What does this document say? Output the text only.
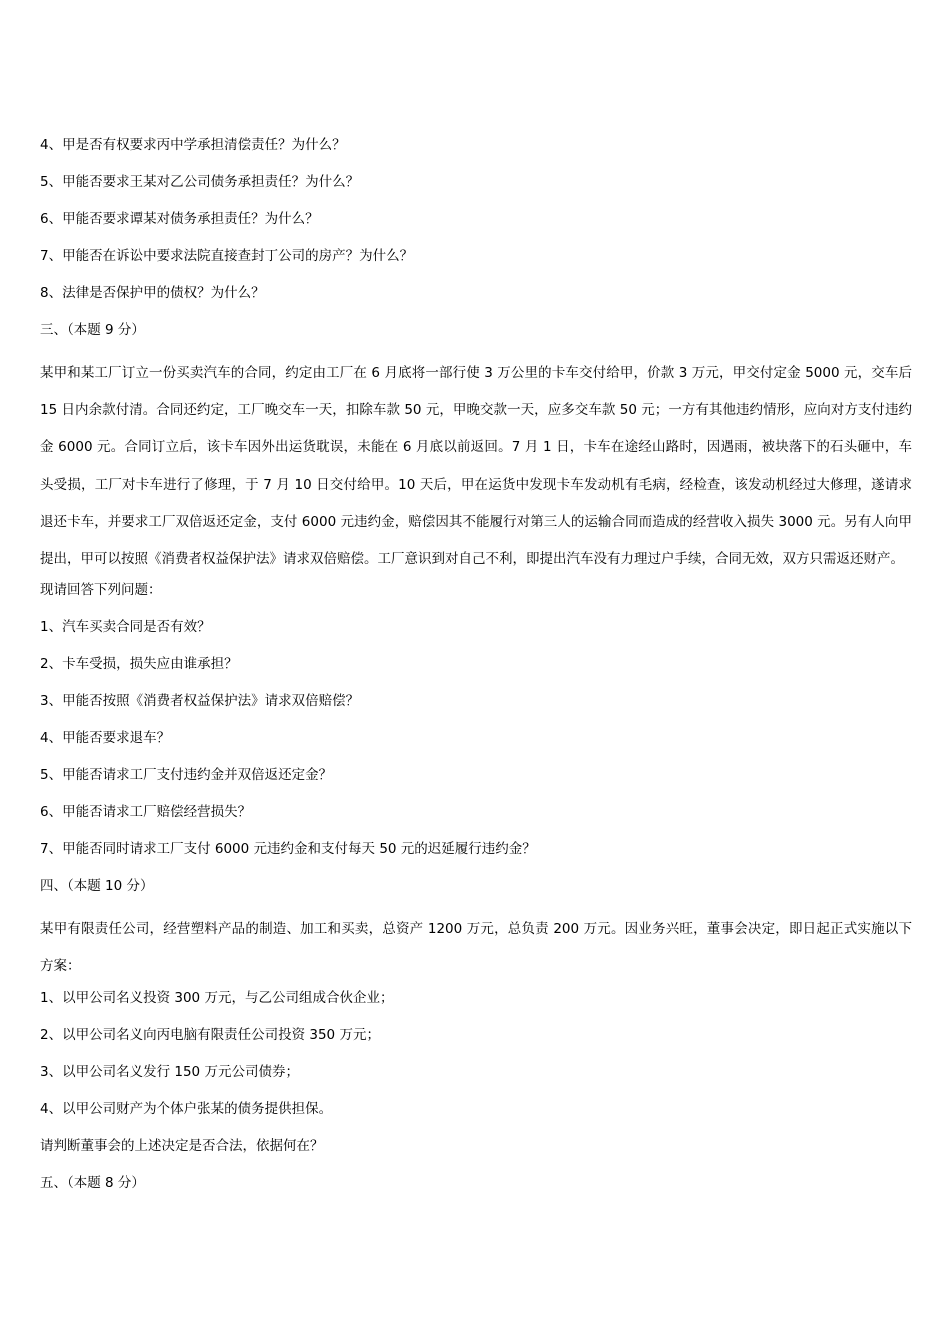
4、甲是否有权要求丙中学承担清偿责任？为什么？
5、甲能否要求王某对乙公司债务承担责任？为什么？
6、甲能否要求谭某对债务承担责任？为什么？
7、甲能否在诉讼中要求法院直接查封丁公司的房产？为什么？
8、法律是否保护甲的债权？为什么？
三、（本题 9 分）
某甲和某工厂订立一份买卖汽车的合同，约定由工厂在 6 月底将一部行使 3 万公里的卡车交付给甲，价款 3 万元，甲交付定金 5000 元，交车后 15 日内余款付清。合同还约定，工厂晚交车一天，扣除车款 50 元，甲晚交款一天，应多交车款 50 元；一方有其他违约情形，应向对方支付违约金 6000 元。合同订立后，该卡车因外出运货耽误，未能在 6 月底以前返回。7 月 1 日，卡车在途经山路时，因遇雨，被块落下的石头砸中，车头受损，工厂对卡车进行了修理，于 7 月 10 日交付给甲。10 天后，甲在运货中发现卡车发动机有毛病，经检查，该发动机经过大修理，遂请求退还卡车，并要求工厂双倍返还定金，支付 6000 元违约金，赔偿因其不能履行对第三人的运输合同而造成的经营收入损失 3000 元。另有人向甲提出，甲可以按照《消费者权益保护法》请求双倍赔偿。工厂意识到对自己不利，即提出汽车没有力理过户手续，合同无效，双方只需返还财产。
现请回答下列问题：
1、汽车买卖合同是否有效？
2、卡车受损，损失应由谁承担？
3、甲能否按照《消费者权益保护法》请求双倍赔偿？
4、甲能否要求退车？
5、甲能否请求工厂支付违约金并双倍返还定金？
6、甲能否请求工厂赔偿经营损失？
7、甲能否同时请求工厂支付 6000 元违约金和支付每天 50 元的迟延履行违约金？
四、（本题 10 分）
某甲有限责任公司，经营塑料产品的制造、加工和买卖，总资产 1200 万元，总负责 200 万元。因业务兴旺，董事会决定，即日起正式实施以下方案：
1、以甲公司名义投资 300 万元，与乙公司组成合伙企业；
2、以甲公司名义向丙电脑有限责任公司投资 350 万元；
3、以甲公司名义发行 150 万元公司债券；
4、以甲公司财产为个体户张某的债务提供担保。
请判断董事会的上述决定是否合法，依据何在？
五、（本题 8 分）
